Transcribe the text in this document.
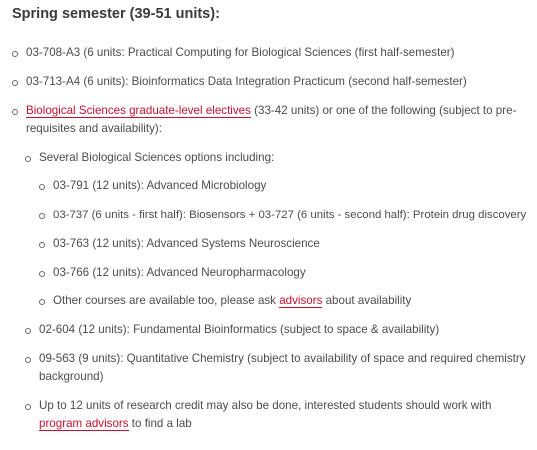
Spring semester (39-51 units):
03-708-A3 (6 units: Practical Computing for Biological Sciences (first half-semester)
03-713-A4 (6 units): Bioinformatics Data Integration Practicum (second half-semester)
Biological Sciences graduate-level electives (33-42 units) or one of the following (subject to pre-
requisites and availability):
Several Biological Sciences options including:
03-791 (12 units): Advanced Microbiology
03-737 (6 units - first half): Biosensors + 03-727 (6 units - second half): Protein drug discovery
03-763 (12 units): Advanced Systems Neuroscience
03-766 (12 units): Advanced Neuropharmacology
Other courses are available too, please ask advisors about availability
02-604 (12 units): Fundamental Bioinformatics (subject to space & availability)
09-563 (9 units): Quantitative Chemistry (subject to availability of space and required chemistry
background)
Up to 12 units of research credit may also be done, interested students should work with
program advisors to find a lab
